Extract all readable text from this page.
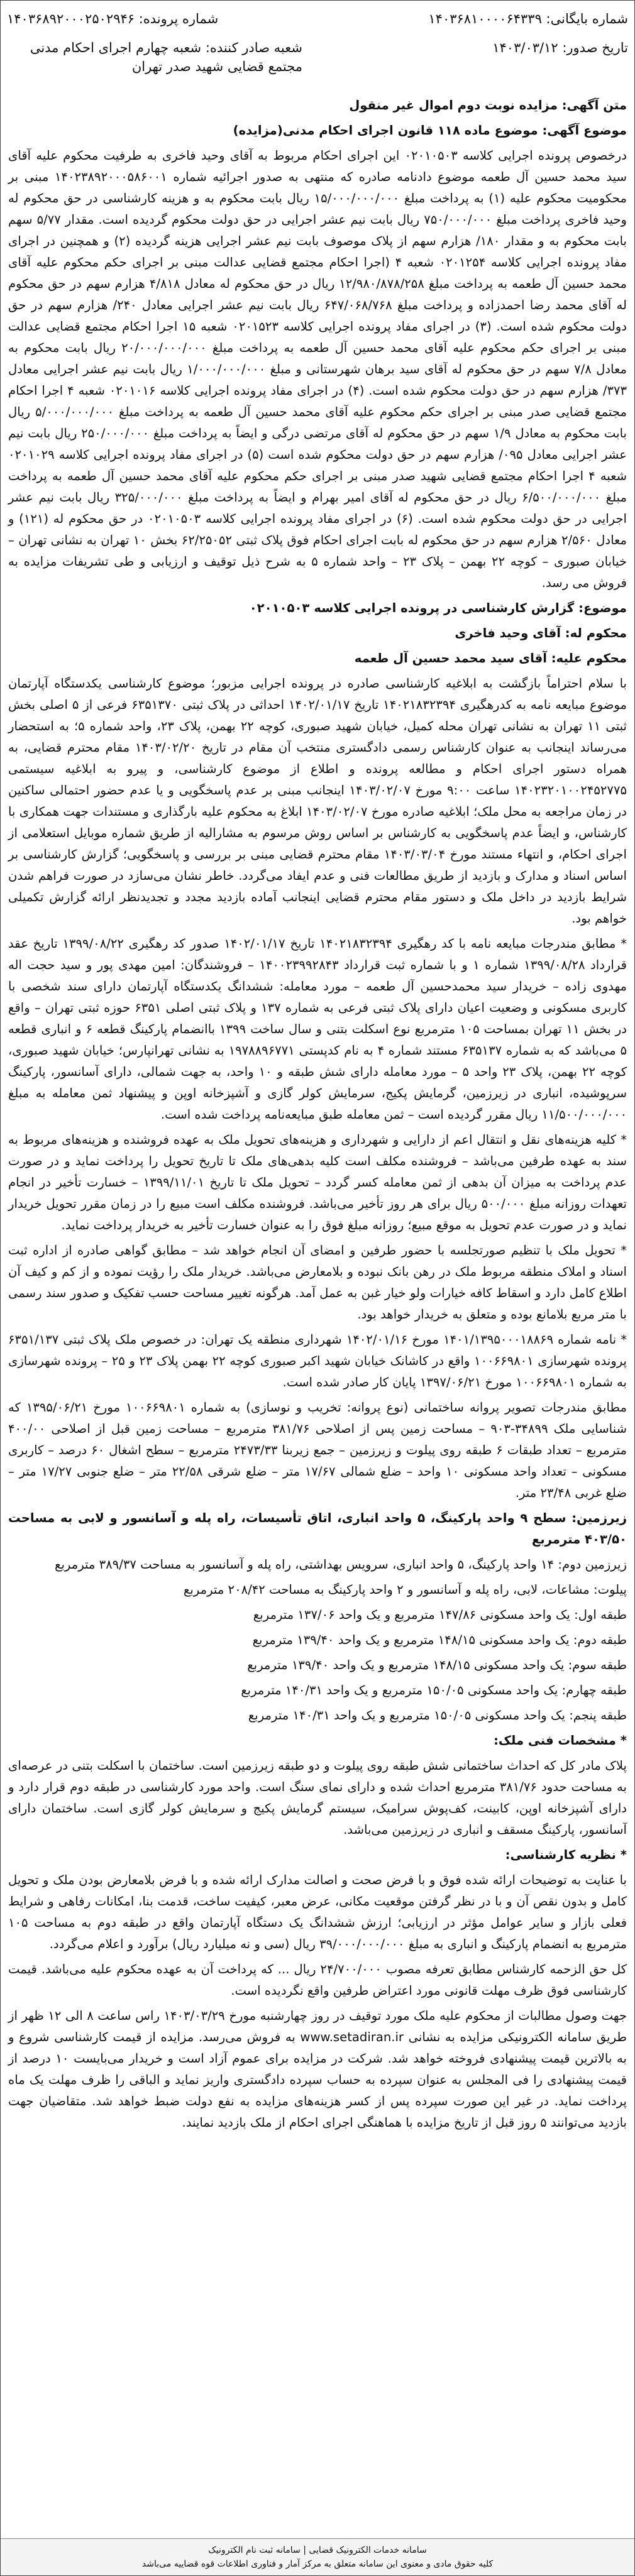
شماره بایگانی: ۱۴۰۳۶۸۱۰۰۰۰۶۴۳۳۹
شماره پرونده: ۱۴۰۳۶۸۹۲۰۰۰۲۵۰۲۹۴۶
تاریخ صدور: ۱۴۰۳/۰۳/۱۲
شعبه صادر کننده: شعبه چهارم اجرای احکام مدنی مجتمع قضایی شهید صدر تهران

متن آگهی: مزایده نوبت دوم اموال غیر منقول

موضوع آگهی: موضوع ماده ۱۱۸ قانون اجرای احکام مدنی(مزایده)

درخصوص پرونده اجرایی کلاسه ۰۲۰۱۰۵۰۳ این اجرای احکام مربوط به آقای وحید فاخری به طرفیت محکوم علیه آقای سید محمد حسین آل طعمه موضوع دادنامه صادره که منتهی به صدور اجرائیه شماره ۱۴۰۲۳۸۹۲۰۰۰۵۸۶۰۰۱ مبنی بر محکومیت محکوم علیه (۱) به پرداخت مبلغ ۱۵/۰۰۰/۰۰۰/۰۰۰ ریال بابت محکوم به و هزینه کارشناسی در حق محکوم له وحید فاخری پرداخت مبلغ ۷۵۰/۰۰۰/۰۰۰ ریال بابت نیم عشر اجرایی در حق دولت محکوم گردیده است. مقدار ۵/۷۷ سهم بابت محکوم به و مقدار ۱۸۰/ هزارم سهم از پلاک موصوف بابت نیم عشر اجرایی هزینه گردیده (۲) و همچنین در اجرای مفاد پرونده اجرایی کلاسه ۰۲۰۱۲۵۴ شعبه ۴ (اجرا احکام مجتمع قضایی عدالت مبنی بر اجرای حکم محکوم علیه آقای محمد حسین آل طعمه به پرداخت مبلغ ۱۲/۹۸۰/۸۷۸/۲۵۸ ریال در حق محکوم له معادل ۴/۸۱۸ هزارم سهم در حق محکوم له آقای محمد رضا احمدزاده و پرداخت مبلغ ۶۴۷/۰۶۸/۷۶۸ ریال بابت نیم عشر اجرایی معادل ۲۴۰/ هزارم سهم در حق دولت محکوم شده است. (۳) در اجرای مفاد پرونده اجرایی کلاسه ۰۲۰۱۵۲۳ شعبه ۱۵ اجرا احکام مجتمع قضایی عدالت مبنی بر اجرای حکم محکوم علیه آقای محمد حسین آل طعمه به پرداخت مبلغ ۲۰/۰۰۰/۰۰۰/۰۰۰ ریال بابت محکوم به معادل ۷/۸ سهم در حق محکوم له آقای سید برهان شهرستانی و مبلغ ۱/۰۰۰/۰۰۰/۰۰۰ ریال بابت نیم عشر اجرایی معادل ۳۷۳/ هزارم سهم در حق دولت محکوم شده است. (۴) در اجرای مفاد پرونده اجرایی کلاسه ۰۲۰۱۰۱۶ شعبه ۴ اجرا احکام مجتمع قضایی صدر مبنی بر اجرای حکم محکوم علیه آقای محمد حسین آل طعمه به پرداخت مبلغ ۵/۰۰۰/۰۰۰/۰۰۰ ریال بابت محکوم به معادل ۱/۹ سهم در حق محکوم له آقای مرتضی درگی و ایضاً به پرداخت مبلغ ۲۵۰/۰۰۰/۰۰۰ ریال بابت نیم عشر اجرایی معادل ۰۹۵/ هزارم سهم در حق دولت محکوم شده است (۵) در اجرای مفاد پرونده اجرایی کلاسه ۰۲۰۱۰۲۹ شعبه ۴ اجرا احکام مجتمع قضایی شهید صدر مبنی بر اجرای حکم محکوم علیه آقای محمد حسین آل طعمه به پرداخت مبلغ ۶/۵۰۰/۰۰۰/۰۰۰ ریال در حق محکوم له آقای امیر بهرام و ایضاً به پرداخت مبلغ ۳۲۵/۰۰۰/۰۰۰ ریال بابت نیم عشر اجرایی در حق دولت محکوم شده است. (۶) در اجرای مفاد پرونده اجرایی کلاسه ۰۲۰۱۰۵۰۳ در حق محکوم له (۱۲۱) و معادل ۲/۵۶۰ هزارم سهم در حق محکوم له بابت اجرای احکام فوق پلاک ثبتی ۶۲/۲۵۰۵۲ بخش ۱۰ تهران به نشانی تهران – خیابان صبوری – کوچه ۲۲ بهمن – پلاک ۲۳ – واحد شماره ۵ به شرح ذیل توقیف و ارزیابی و طی تشریفات مزایده به فروش می رسد.

موضوع: گزارش کارشناسی در پرونده اجرایی کلاسه ۰۲۰۱۰۵۰۳

محکوم له: آقای وحید فاخری

محکوم علیه: آقای سید محمد حسین آل طعمه

با سلام احتراماً بازگشت به ابلاغیه کارشناسی صادره در پرونده اجرایی مزبور؛ موضوع کارشناسی یکدستگاه آپارتمان موضوع مبایعه نامه به کدرهگیری ۱۴۰۲۱۸۳۲۳۹۴ تاریخ ۱۴۰۲/۰۱/۱۷ احداثی در پلاک ثبتی ۶۳۵۱۳۷۰ فرعی از ۵ اصلی بخش ثبتی ۱۱ تهران به نشانی تهران محله کمیل، خیابان شهید صبوری، کوچه ۲۲ بهمن، پلاک ۲۳، واحد شماره ۵؛ به استحضار می‌رساند اینجانب به عنوان کارشناس رسمی دادگستری منتخب آن مقام در تاریخ ۱۴۰۳/۰۲/۲۰ مقام محترم قضایی، به همراه دستور اجرای احکام و مطالعه پرونده و اطلاع از موضوع کارشناسی، و پیرو به ابلاغیه سیستمی ۱۴۰۲۳۲۰۱۰۰۲۴۵۲۷۷۵ ساعت ۹:۰۰ مورخ ۱۴۰۳/۰۲/۰۷ اینجانب مبنی بر عدم پاسخگویی و یا عدم حضور احتمالی ساکنین در زمان مراجعه به محل ملک؛ ابلاغیه صادره مورخ ۱۴۰۳/۰۲/۰۷ ابلاغ به محکوم علیه بارگذاری و مستندات جهت همکاری با کارشناس، و ایضاً عدم پاسخگویی به کارشناس بر اساس روش مرسوم به مشارالیه از طریق شماره موبایل استعلامی از اجرای احکام، و انتهاء مستند مورخ ۱۴۰۳/۰۳/۰۴ مقام محترم قضایی مبنی بر بررسی و پاسخگویی؛ گزارش کارشناسی بر اساس اسناد و مدارک و بازدید از طریق مطالعات فنی و عدم ایفاد می‌گردد. خاطر نشان می‌سازد در صورت فراهم شدن شرایط بازدید در داخل ملک و دستور مقام محترم قضایی اینجانب آماده بازدید مجدد و تجدیدنظر ارائه گزارش تکمیلی خواهم بود.

* مطابق مندرجات مبایعه نامه با کد رهگیری ۱۴۰۲۱۸۳۲۳۹۴ تاریخ ۱۴۰۲/۰۱/۱۷ صدور کد رهگیری ۱۳۹۹/۰۸/۲۲ تاریخ عقد قرارداد ۱۳۹۹/۰۸/۲۸ شماره ۱ و با شماره ثبت قرارداد ۱۴۰۰۲۳۹۹۲۸۴۳ – فروشندگان: امین مهدی پور و سید حجت اله مهدوی زاده – خریدار سید محمدحسین آل طعمه – مورد معامله: ششدانگ یکدستگاه آپارتمان دارای سند شخصی با کاربری مسکونی و وضعیت اعیان دارای پلاک ثبتی فرعی به شماره ۱۳۷ و پلاک ثبتی اصلی ۶۳۵۱ حوزه ثبتی تهران – واقع در بخش ۱۱ تهران بمساحت ۱۰۵ مترمربع نوع اسکلت بتنی و سال ساخت ۱۳۹۹ باانضمام پارکینگ قطعه ۶ و انباری قطعه ۵ می‌باشد که به شماره ۶۳۵۱۳۷ مستند شماره ۴ به نام کدپستی ۱۹۷۸۸۹۶۷۷۱ به نشانی تهرانپارس؛ خیابان شهید صبوری، کوچه ۲۲ بهمن، پلاک ۲۳ واحد ۵ – مورد معامله دارای شش طبقه و ۱۰ واحد، به جهت شمالی، دارای آسانسور، پارکینگ سرپوشیده، انباری در زیرزمین، گرمایش پکیج، سرمایش کولر گازی و آشپزخانه اوپن و پیشنهاد ثمن معامله به مبلغ ۱۱/۵۰۰/۰۰۰/۰۰۰ ریال مقرر گردیده است – ثمن معامله طبق مبایعه‌نامه پرداخت شده است.

* کلیه هزینه‌های نقل و انتقال اعم از دارایی و شهرداری و هزینه‌های تحویل ملک به عهده فروشنده و هزینه‌های مربوط به سند به عهده طرفین می‌باشد – فروشنده مکلف است کلیه بدهی‌های ملک تا تاریخ تحویل را پرداخت نماید و در صورت عدم پرداخت به میزان آن بدهی از ثمن معامله کسر گردد – تحویل ملک تا تاریخ ۱۳۹۹/۱۱/۰۱ – خسارت تأخیر در انجام تعهدات روزانه مبلغ ۵۰۰/۰۰۰ ریال برای هر روز تأخیر می‌باشد. فروشنده مکلف است مبیع را در زمان مقرر تحویل خریدار نماید و در صورت عدم تحویل به موقع مبیع؛ روزانه مبلغ فوق را به عنوان خسارت تأخیر به خریدار پرداخت نماید.

* تحویل ملک با تنظیم صورتجلسه با حضور طرفین و امضای آن انجام خواهد شد – مطابق گواهی صادره از اداره ثبت اسناد و املاک منطقه مربوط ملک در رهن بانک نبوده و بلامعارض می‌باشد. خریدار ملک را رؤیت نموده و از کم و کیف آن اطلاع کامل دارد و اسقاط کافه خیارات ولو خیار غبن به عمل آمد. هرگونه تغییر مساحت حسب تفکیک و صدور سند رسمی با متر مربع بلامانع بوده و متعلق به خریدار خواهد بود.

* نامه شماره ۱۴۰۱/۱۳۹۵۰۰۰۱۸۸۶۹ مورخ ۱۴۰۲/۰۱/۱۶ شهرداری منطقه یک تهران: در خصوص ملک پلاک ثبتی ۶۳۵۱/۱۳۷ پرونده شهرسازی ۱۰۰۶۶۹۸۰۱ واقع در کاشانک خیابان شهید اکبر صبوری کوچه ۲۲ بهمن پلاک ۲۳ و ۲۵ – پرونده شهرسازی به شماره ۱۰۰۶۶۹۸۰۱ مورخ ۱۳۹۷/۰۶/۲۱ پایان کار صادر شده است.

مطابق مندرجات تصویر پروانه ساختمانی (نوع پروانه: تخریب و نوسازی) به شماره ۱۰۰۶۶۹۸۰۱ مورخ ۱۳۹۵/۰۶/۲۱ که شناسایی ملک ۳۴۸۹۹-۹۰۳ – مساحت زمین پس از اصلاحی ۳۸۱/۷۶ مترمربع – مساحت زمین قبل از اصلاحی ۴۰۰/۰۰ مترمربع – تعداد طبقات ۶ طبقه روی پیلوت و زیرزمین – جمع زیربنا ۲۴۷۳/۳۳ مترمربع – سطح اشغال ۶۰ درصد – کاربری مسکونی – تعداد واحد مسکونی ۱۰ واحد – ضلع شمالی ۱۷/۶۷ متر – ضلع شرقی ۲۲/۵۸ متر – ضلع جنوبی ۱۷/۲۷ متر – ضلع غربی ۲۳/۴۸ متر.

زیرزمین: سطح ۹ واحد پارکینگ، ۵ واحد انباری، اتاق تأسیسات، راه پله و آسانسور و لابی به مساحت ۴۰۳/۵۰ مترمربع

زیرزمین دوم: ۱۴ واحد پارکینگ، ۵ واحد انباری، سرویس بهداشتی، راه پله و آسانسور به مساحت ۳۸۹/۳۷ مترمربع

پیلوت: مشاعات، لابی، راه پله و آسانسور و ۲ واحد پارکینگ به مساحت ۲۰۸/۴۲ مترمربع

طبقه اول: یک واحد مسکونی ۱۴۷/۸۶ مترمربع و یک واحد ۱۳۷/۰۶ مترمربع

طبقه دوم: یک واحد مسکونی ۱۴۸/۱۵ مترمربع و یک واحد ۱۳۹/۴۰ مترمربع

طبقه سوم: یک واحد مسکونی ۱۴۸/۱۵ مترمربع و یک واحد ۱۳۹/۴۰ مترمربع

طبقه چهارم: یک واحد مسکونی ۱۵۰/۰۵ مترمربع و یک واحد ۱۴۰/۳۱ مترمربع

طبقه پنجم: یک واحد مسکونی ۱۵۰/۰۵ مترمربع و یک واحد ۱۴۰/۳۱ مترمربع

* مشخصات فنی ملک:

پلاک مادر کل که احداث ساختمانی شش طبقه روی پیلوت و دو طبقه زیرزمین است. ساختمان با اسکلت بتنی در عرصه‌ای به مساحت حدود ۳۸۱/۷۶ مترمربع احداث شده و دارای نمای سنگ است. واحد مورد کارشناسی در طبقه دوم قرار دارد و دارای آشپزخانه اوپن، کابینت، کف‌پوش سرامیک، سیستم گرمایش پکیج و سرمایش کولر گازی است. ساختمان دارای آسانسور، پارکینگ مسقف و انباری در زیرزمین می‌باشد.

* نظریه کارشناسی:

با عنایت به توضیحات ارائه شده فوق و با فرض صحت و اصالت مدارک ارائه شده و با فرض بلامعارض بودن ملک و تحویل کامل و بدون نقص آن و با در نظر گرفتن موقعیت مکانی، عرض معبر، کیفیت ساخت، قدمت بنا، امکانات رفاهی و شرایط فعلی بازار و سایر عوامل مؤثر در ارزیابی؛ ارزش ششدانگ یک دستگاه آپارتمان واقع در طبقه دوم به مساحت ۱۰۵ مترمربع به انضمام پارکینگ و انباری به مبلغ ۳۹/۰۰۰/۰۰۰/۰۰۰ ریال (سی و نه میلیارد ریال) برآورد و اعلام می‌گردد.

کل حق الزحمه کارشناس مطابق تعرفه مصوب ۲۴/۷۰۰/۰۰۰ ریال ... که پرداخت آن به عهده محکوم علیه می‌باشد. قیمت کارشناسی فوق ظرف مهلت قانونی مورد اعتراض طرفین واقع نگردیده است.

جهت وصول مطالبات از محکوم علیه ملک مورد توقیف در روز چهارشنبه مورخ ۱۴۰۳/۰۳/۲۹ راس ساعت ۸ الی ۱۲ ظهر از طریق سامانه الکترونیکی مزایده به نشانی www.setadiran.ir به فروش می‌رسد. مزایده از قیمت کارشناسی شروع و به بالاترین قیمت پیشنهادی فروخته خواهد شد. شرکت در مزایده برای عموم آزاد است و خریدار می‌بایست ۱۰ درصد از قیمت پیشنهادی را فی المجلس به عنوان سپرده به حساب سپرده دادگستری واریز نماید و الباقی را ظرف مهلت یک ماه پرداخت نماید. در غیر این صورت سپرده پس از کسر هزینه‌های مزایده به نفع دولت ضبط خواهد شد. متقاضیان جهت بازدید می‌توانند ۵ روز قبل از تاریخ مزایده با هماهنگی اجرای احکام از ملک بازدید نمایند.

سامانه خدمات الکترونیک قضایی | سامانه ثبت نام الکترونیک
کلیه حقوق مادی و معنوی این سامانه متعلق به مرکز آمار و فناوری اطلاعات قوه قضاییه می‌باشد
